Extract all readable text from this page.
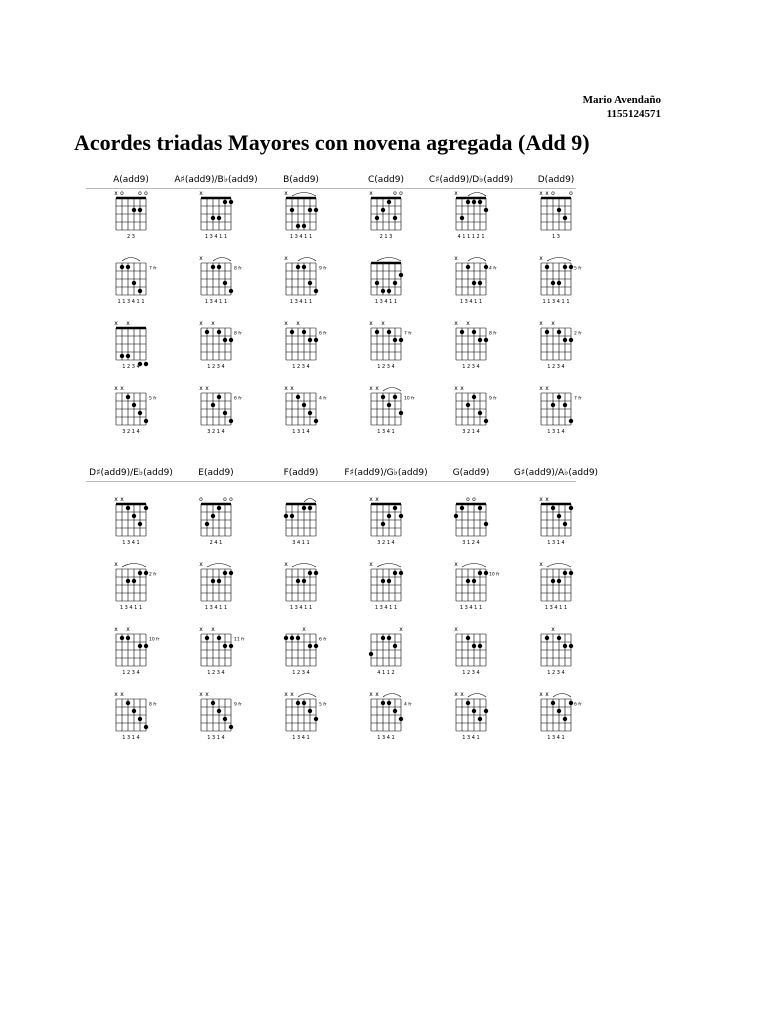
Mario Avendaño
1155124571
Acordes triadas Mayores con novena agregada (Add 9)
A(add9)
x o o o
2 3
7 fr
1 1 3 4 1 1
x x
1 2 3 4
x x
5 fr
3 2 1 4
A♯(add9)/B♭(add9)
x
1 3 4 1 1
x
8 fr
1 3 4 1 1
x x
8 fr
1 2 3 4
x x
6 fr
3 2 1 4
B(add9)
x
1 3 4 1 1
x
9 fr
1 3 4 1 1
x x
6 fr
1 2 3 4
x x
4 fr
1 3 1 4
C(add9)
x	o o
2 1 3
1 3 4 1 1
x x
7 fr
1 2 3 4
x x
10 fr
1 3 4 1
C♯(add9)/D♭(add9)
x
4 1 1 1 2 1
x
4 fr
1 3 4 1 1
x x
8 fr
1 2 3 4
x x
9 fr
3 2 1 4
D(add9)
x x o o
1 3
x
5 fr
1 1 3 4 1 1
x x
2 fr
1 2 3 4
x x
7 fr
1 3 1 4
D♯(add9)/E♭(add9)
x x
1 3 4 1
x
2 fr
1 3 4 1 1
x x
10 fr
1 2 3 4
x x
8 fr
1 3 1 4
E(add9)
o	o o
2 4 1
x
1 3 4 1 1
x x
11 fr
1 2 3 4
x x
9 fr
1 3 1 4
F(add9)
3 4 1 1
x
1 3 4 1 1
x
6 fr
1 2 3 4
x x
5 fr
1 3 4 1
F♯(add9)/G♭(add9)
x x
3 2 1 4
x
1 3 4 1 1
x
4 1 1 2
x x
4 fr
1 3 4 1
G(add9)
o o
3 1 2 4
x
10 fr
1 3 4 1 1
x
1 2 3 4
x x
1 3 4 1
G♯(add9)/A♭(add9)
x x
1 3 1 4
x
1 3 4 1 1
x
1 2 3 4
x x
6 fr
1 3 4 1
